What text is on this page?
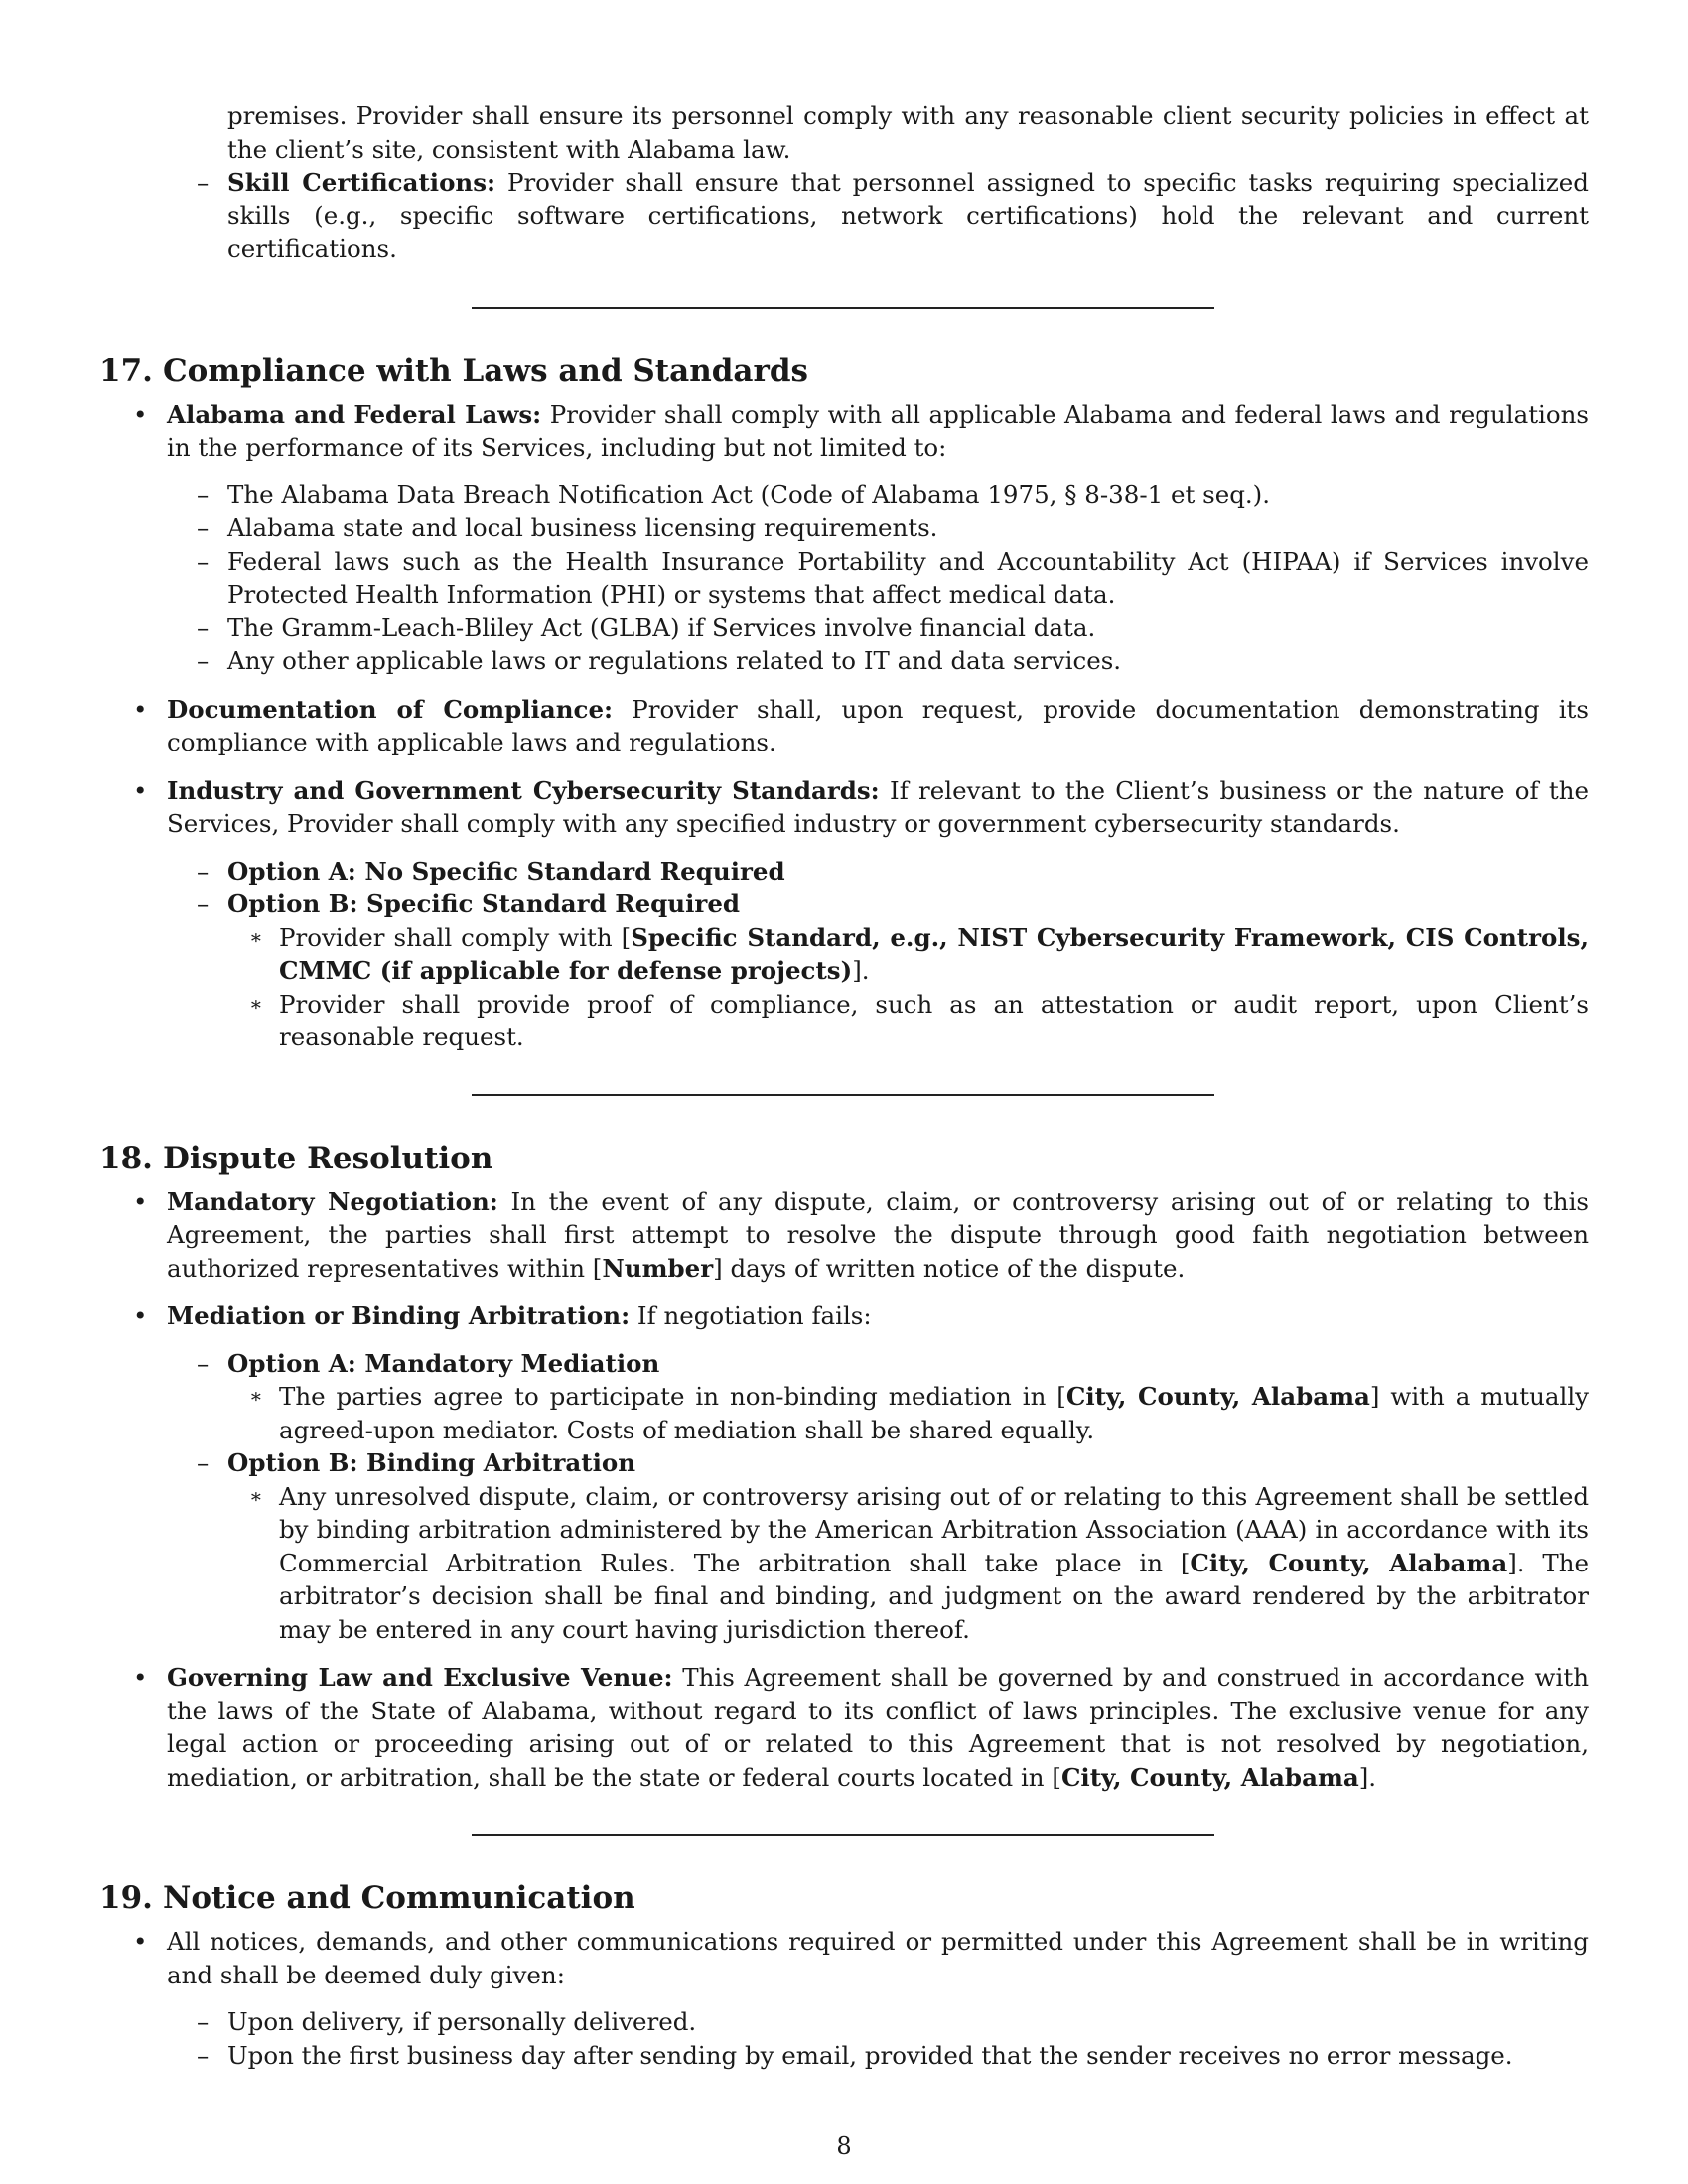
premises. Provider shall ensure its personnel comply with any reasonable client security policies in effect at the client’s site, consistent with Alabama law.

– Skill Certifications: Provider shall ensure that personnel assigned to specific tasks requiring specialized skills (e.g., specific software certifications, network certifications) hold the relevant and current certifications.
17. Compliance with Laws and Standards
• Alabama and Federal Laws: Provider shall comply with all applicable Alabama and federal laws and regulations in the performance of its Services, including but not limited to:
– The Alabama Data Breach Notification Act (Code of Alabama 1975, § 8-38-1 et seq.).
– Alabama state and local business licensing requirements.
– Federal laws such as the Health Insurance Portability and Accountability Act (HIPAA) if Services involve Protected Health Information (PHI) or systems that affect medical data.
– The Gramm-Leach-Bliley Act (GLBA) if Services involve financial data.
– Any other applicable laws or regulations related to IT and data services.
• Documentation of Compliance: Provider shall, upon request, provide documentation demonstrating its compliance with applicable laws and regulations.
• Industry and Government Cybersecurity Standards: If relevant to the Client’s business or the nature of the Services, Provider shall comply with any specified industry or government cybersecurity standards.
– Option A: No Specific Standard Required
– Option B: Specific Standard Required
∗ Provider shall comply with [Specific Standard, e.g., NIST Cybersecurity Framework, CIS Controls, CMMC (if applicable for defense projects)].
∗ Provider shall provide proof of compliance, such as an attestation or audit report, upon Client’s reasonable request.
18. Dispute Resolution
• Mandatory Negotiation: In the event of any dispute, claim, or controversy arising out of or relating to this Agreement, the parties shall first attempt to resolve the dispute through good faith negotiation between authorized representatives within [Number] days of written notice of the dispute.
• Mediation or Binding Arbitration: If negotiation fails:
– Option A: Mandatory Mediation
∗ The parties agree to participate in non-binding mediation in [City, County, Alabama] with a mutually agreed-upon mediator. Costs of mediation shall be shared equally.
– Option B: Binding Arbitration
∗ Any unresolved dispute, claim, or controversy arising out of or relating to this Agreement shall be settled by binding arbitration administered by the American Arbitration Association (AAA) in accordance with its Commercial Arbitration Rules. The arbitration shall take place in [City, County, Alabama]. The arbitrator’s decision shall be final and binding, and judgment on the award rendered by the arbitrator may be entered in any court having jurisdiction thereof.
• Governing Law and Exclusive Venue: This Agreement shall be governed by and construed in accordance with the laws of the State of Alabama, without regard to its conflict of laws principles. The exclusive venue for any legal action or proceeding arising out of or related to this Agreement that is not resolved by negotiation, mediation, or arbitration, shall be the state or federal courts located in [City, County, Alabama].
19. Notice and Communication
• All notices, demands, and other communications required or permitted under this Agreement shall be in writing and shall be deemed duly given:
– Upon delivery, if personally delivered.
– Upon the first business day after sending by email, provided that the sender receives no error message.
8
